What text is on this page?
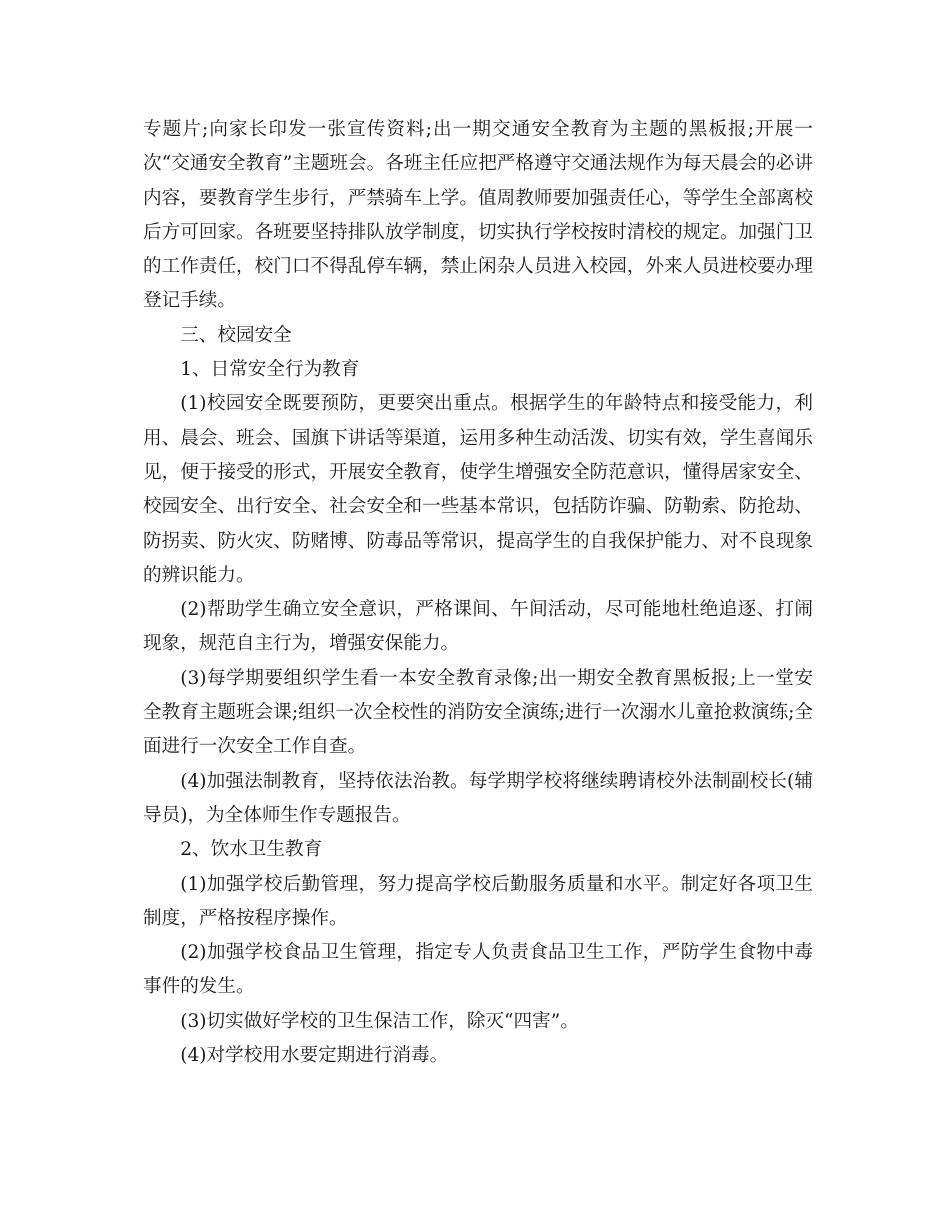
专题片;向家长印发一张宣传资料;出一期交通安全教育为主题的黑板报;开展一次“交通安全教育”主题班会。各班主任应把严格遵守交通法规作为每天晨会的必讲内容，要教育学生步行，严禁骑车上学。值周教师要加强责任心，等学生全部离校后方可回家。各班要坚持排队放学制度，切实执行学校按时清校的规定。加强门卫的工作责任，校门口不得乱停车辆，禁止闲杂人员进入校园，外来人员进校要办理登记手续。

三、校园安全

1、日常安全行为教育

(1)校园安全既要预防，更要突出重点。根据学生的年龄特点和接受能力，利用、晨会、班会、国旗下讲话等渠道，运用多种生动活泼、切实有效，学生喜闻乐见，便于接受的形式，开展安全教育，使学生增强安全防范意识，懂得居家安全、校园安全、出行安全、社会安全和一些基本常识，包括防诈骗、防勒索、防抢劫、防拐卖、防火灾、防赌博、防毒品等常识，提高学生的自我保护能力、对不良现象的辨识能力。

(2)帮助学生确立安全意识，严格课间、午间活动，尽可能地杜绝追逐、打闹现象，规范自主行为，增强安保能力。

(3)每学期要组织学生看一本安全教育录像;出一期安全教育黑板报;上一堂安全教育主题班会课;组织一次全校性的消防安全演练;进行一次溺水儿童抢救演练;全面进行一次安全工作自查。

(4)加强法制教育，坚持依法治教。每学期学校将继续聘请校外法制副校长(辅导员)，为全体师生作专题报告。

2、饮水卫生教育

(1)加强学校后勤管理，努力提高学校后勤服务质量和水平。制定好各项卫生制度，严格按程序操作。

(2)加强学校食品卫生管理，指定专人负责食品卫生工作，严防学生食物中毒事件的发生。

(3)切实做好学校的卫生保洁工作，除灭“四害”。

(4)对学校用水要定期进行消毒。
